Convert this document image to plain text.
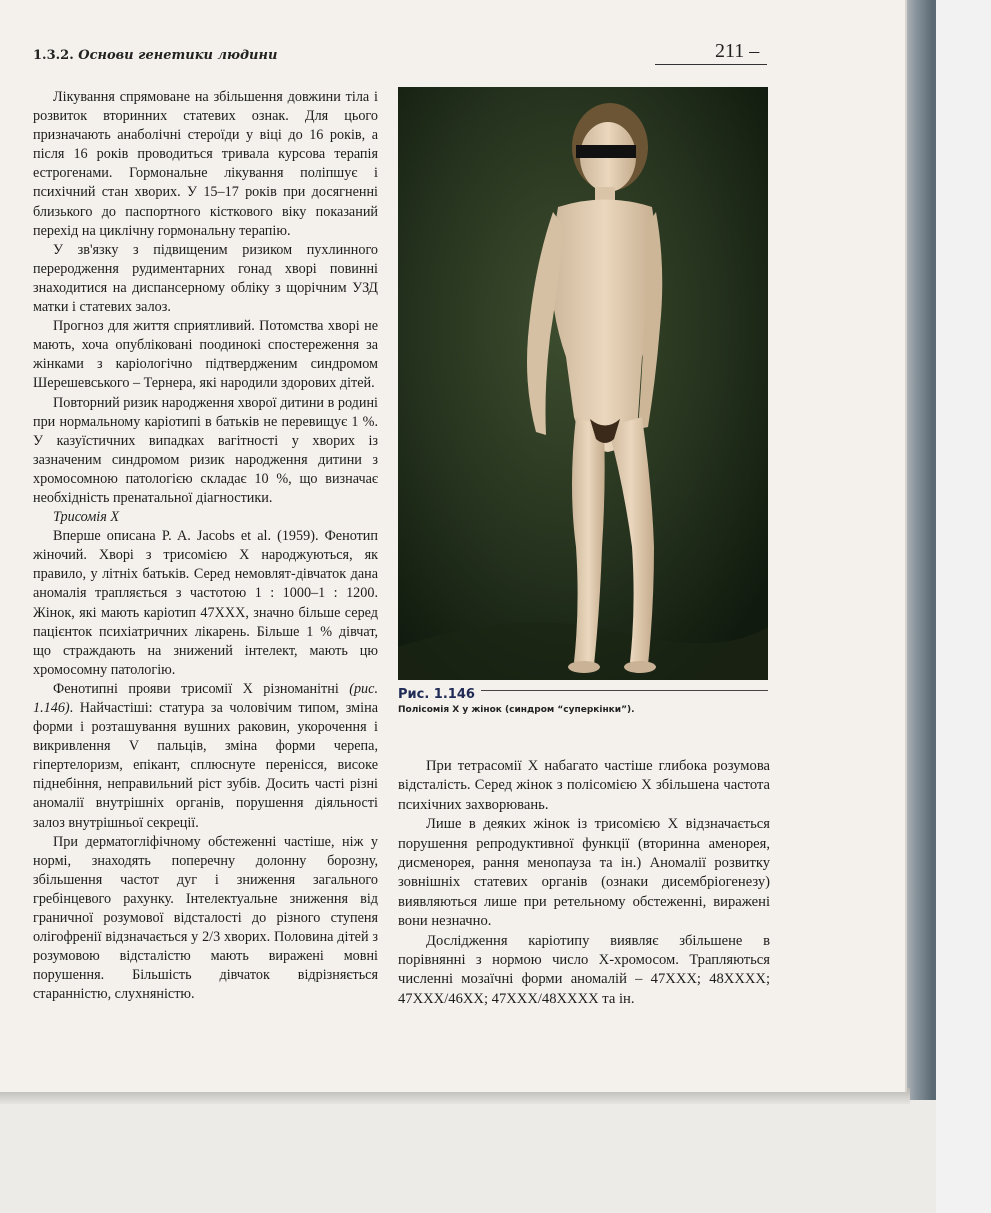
1.3.2. Основи генетики людини	211 –

Лікування спрямоване на збільшення довжини тіла і розвиток вторинних статевих ознак. Для цього призначають анаболічні стероїди у віці до 16 років, а після 16 років проводиться тривала курсова терапія естрогенами. Гормональне лікування поліпшує і психічний стан хворих. У 15–17 років при досягненні близького до паспортного кісткового віку показаний перехід на циклічну гормональну терапію.

У зв'язку з підвищеним ризиком пухлинного переродження рудиментарних гонад хворі повинні знаходитися на диспансерному обліку з щорічним УЗД матки і статевих залоз.

Прогноз для життя сприятливий. Потомства хворі не мають, хоча опубліковані поодинокі спостереження за жінками з каріологічно підтвердженим синдромом Шерешевського – Тернера, які народили здорових дітей.

Повторний ризик народження хворої дитини в родині при нормальному каріотипі в батьків не перевищує 1 %. У казуїстичних випадках вагітності у хворих із зазначеним синдромом ризик народження дитини з хромосомною патологією складає 10 %, що визначає необхідність пренатальної діагностики.

Трисомія Х

Вперше описана P. A. Jacobs et al. (1959). Фенотип жіночий. Хворі з трисомією Х народжуються, як правило, у літніх батьків. Серед немовлят-дівчаток дана аномалія трапляється з частотою 1 : 1000–1 : 1200. Жінок, які мають каріотип 47ХХХ, значно більше серед пацієнток психіатричних лікарень. Більше 1 % дівчат, що страждають на знижений інтелект, мають цю хромосомну патологію.

Фенотипні прояви трисомії Х різноманітні (рис. 1.146). Найчастіші: статура за чоловічим типом, зміна форми і розташування вушних раковин, укорочення і викривлення V пальців, зміна форми черепа, гіпертелоризм, епікант, сплюснуте перенісся, високе піднебіння, неправильний ріст зубів. Досить часті різні аномалії внутрішніх органів, порушення діяльності залоз внутрішньої секреції.

При дерматогліфічному обстеженні частіше, ніж у нормі, знаходять поперечну долонну борозну, збільшення частот дуг і зниження загального гребінцевого рахунку. Інтелектуальне зниження від граничної розумової відсталості до різного ступеня олігофренії відзначається у 2/3 хворих. Половина дітей з розумовою відсталістю мають виражені мовні порушення. Більшість дівчаток відрізняється старанністю, слухняністю.

Рис. 1.146
Полісомія Х у жінок (синдром “суперкінки”).

При тетрасомії Х набагато частіше глибока розумова відсталість. Серед жінок з полісомією Х збільшена частота психічних захворювань.

Лише в деяких жінок із трисомією Х відзначається порушення репродуктивної функції (вторинна аменорея, дисменорея, рання менопауза та ін.) Аномалії розвитку зовнішніх статевих органів (ознаки дисембріогенезу) виявляються лише при ретельному обстеженні, виражені вони незначно.

Дослідження каріотипу виявляє збільшене в порівнянні з нормою число Х-хромосом. Трапляються численні мозаїчні форми аномалій – 47ХХХ; 48ХХХХ; 47ХХХ/46ХХ; 47ХХХ/48ХХХХ та ін.
